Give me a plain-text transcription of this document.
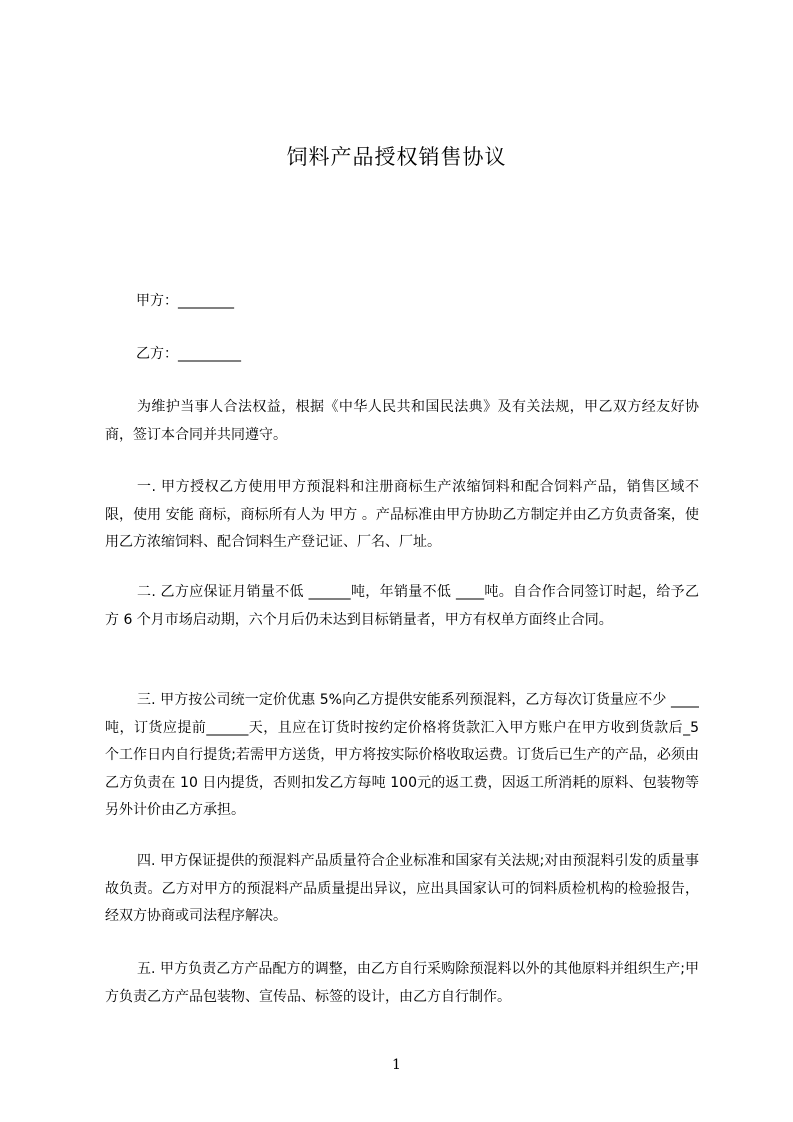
饲料产品授权销售协议

甲方：________

乙方：_________

为维护当事人合法权益，根据《中华人民共和国民法典》及有关法规，甲乙双方经友好协商，签订本合同并共同遵守。

一. 甲方授权乙方使用甲方预混料和注册商标生产浓缩饲料和配合饲料产品，销售区域不限，使用 安能 商标，商标所有人为 甲方 。产品标准由甲方协助乙方制定并由乙方负责备案，使用乙方浓缩饲料、配合饲料生产登记证、厂名、厂址。

二. 乙方应保证月销量不低 ______吨，年销量不低 ____吨。自合作合同签订时起，给予乙方 6 个月市场启动期，六个月后仍未达到目标销量者，甲方有权单方面终止合同。

三. 甲方按公司统一定价优惠 5%向乙方提供安能系列预混料，乙方每次订货量应不少 ____吨，订货应提前______天，且应在订货时按约定价格将货款汇入甲方账户在甲方收到货款后_5 个工作日内自行提货;若需甲方送货，甲方将按实际价格收取运费。订货后已生产的产品，必须由乙方负责在 10 日内提货，否则扣发乙方每吨 100元的返工费，因返工所消耗的原料、包装物等另外计价由乙方承担。

四. 甲方保证提供的预混料产品质量符合企业标准和国家有关法规;对由预混料引发的质量事故负责。乙方对甲方的预混料产品质量提出异议，应出具国家认可的饲料质检机构的检验报告，经双方协商或司法程序解决。

五. 甲方负责乙方产品配方的调整，由乙方自行采购除预混料以外的其他原料并组织生产;甲方负责乙方产品包装物、宣传品、标签的设计，由乙方自行制作。

1
